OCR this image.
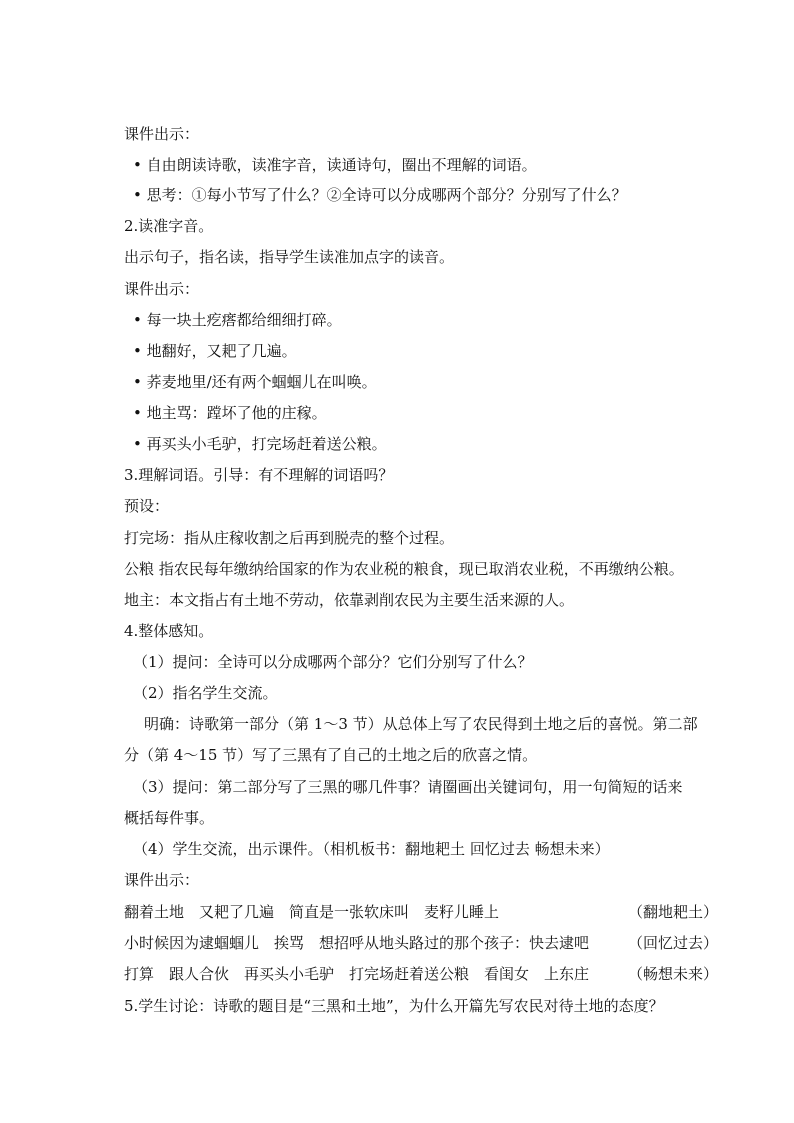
课件出示：
• 自由朗读诗歌，读准字音，读通诗句，圈出不理解的词语。
• 思考：①每小节写了什么？②全诗可以分成哪两个部分？分别写了什么？
2.读准字音。
出示句子，指名读，指导学生读准加点字的读音。
课件出示：
• 每一块土疙瘩都给细细打碎。
• 地翻好，又耙了几遍。
• 荞麦地里/还有两个蝈蝈儿在叫唤。
• 地主骂：蹚坏了他的庄稼。
• 再买头小毛驴，打完场赶着送公粮。
3.理解词语。引导：有不理解的词语吗？
预设：
打完场：指从庄稼收割之后再到脱壳的整个过程。
公粮 指农民每年缴纳给国家的作为农业税的粮食，现已取消农业税，不再缴纳公粮。
地主：本文指占有土地不劳动，依靠剥削农民为主要生活来源的人。
4.整体感知。
（1）提问：全诗可以分成哪两个部分？它们分别写了什么？
（2）指名学生交流。
明确：诗歌第一部分（第 1～3 节）从总体上写了农民得到土地之后的喜悦。第二部
分（第 4～15 节）写了三黑有了自己的土地之后的欣喜之情。
（3）提问：第二部分写了三黑的哪几件事？请圈画出关键词句，用一句简短的话来
概括每件事。
（4）学生交流，出示课件。（相机板书：翻地耙土 回忆过去 畅想未来）
课件出示：
翻着土地　又耙了几遍　简直是一张软床叫　麦籽儿睡上	（翻地耙土）
小时候因为逮蝈蝈儿　挨骂　想招呼从地头路过的那个孩子：快去逮吧	（回忆过去）
打算　跟人合伙　再买头小毛驴　打完场赶着送公粮　看闺女　上东庄	（畅想未来）
5.学生讨论：诗歌的题目是“三黑和土地”，为什么开篇先写农民对待土地的态度？
